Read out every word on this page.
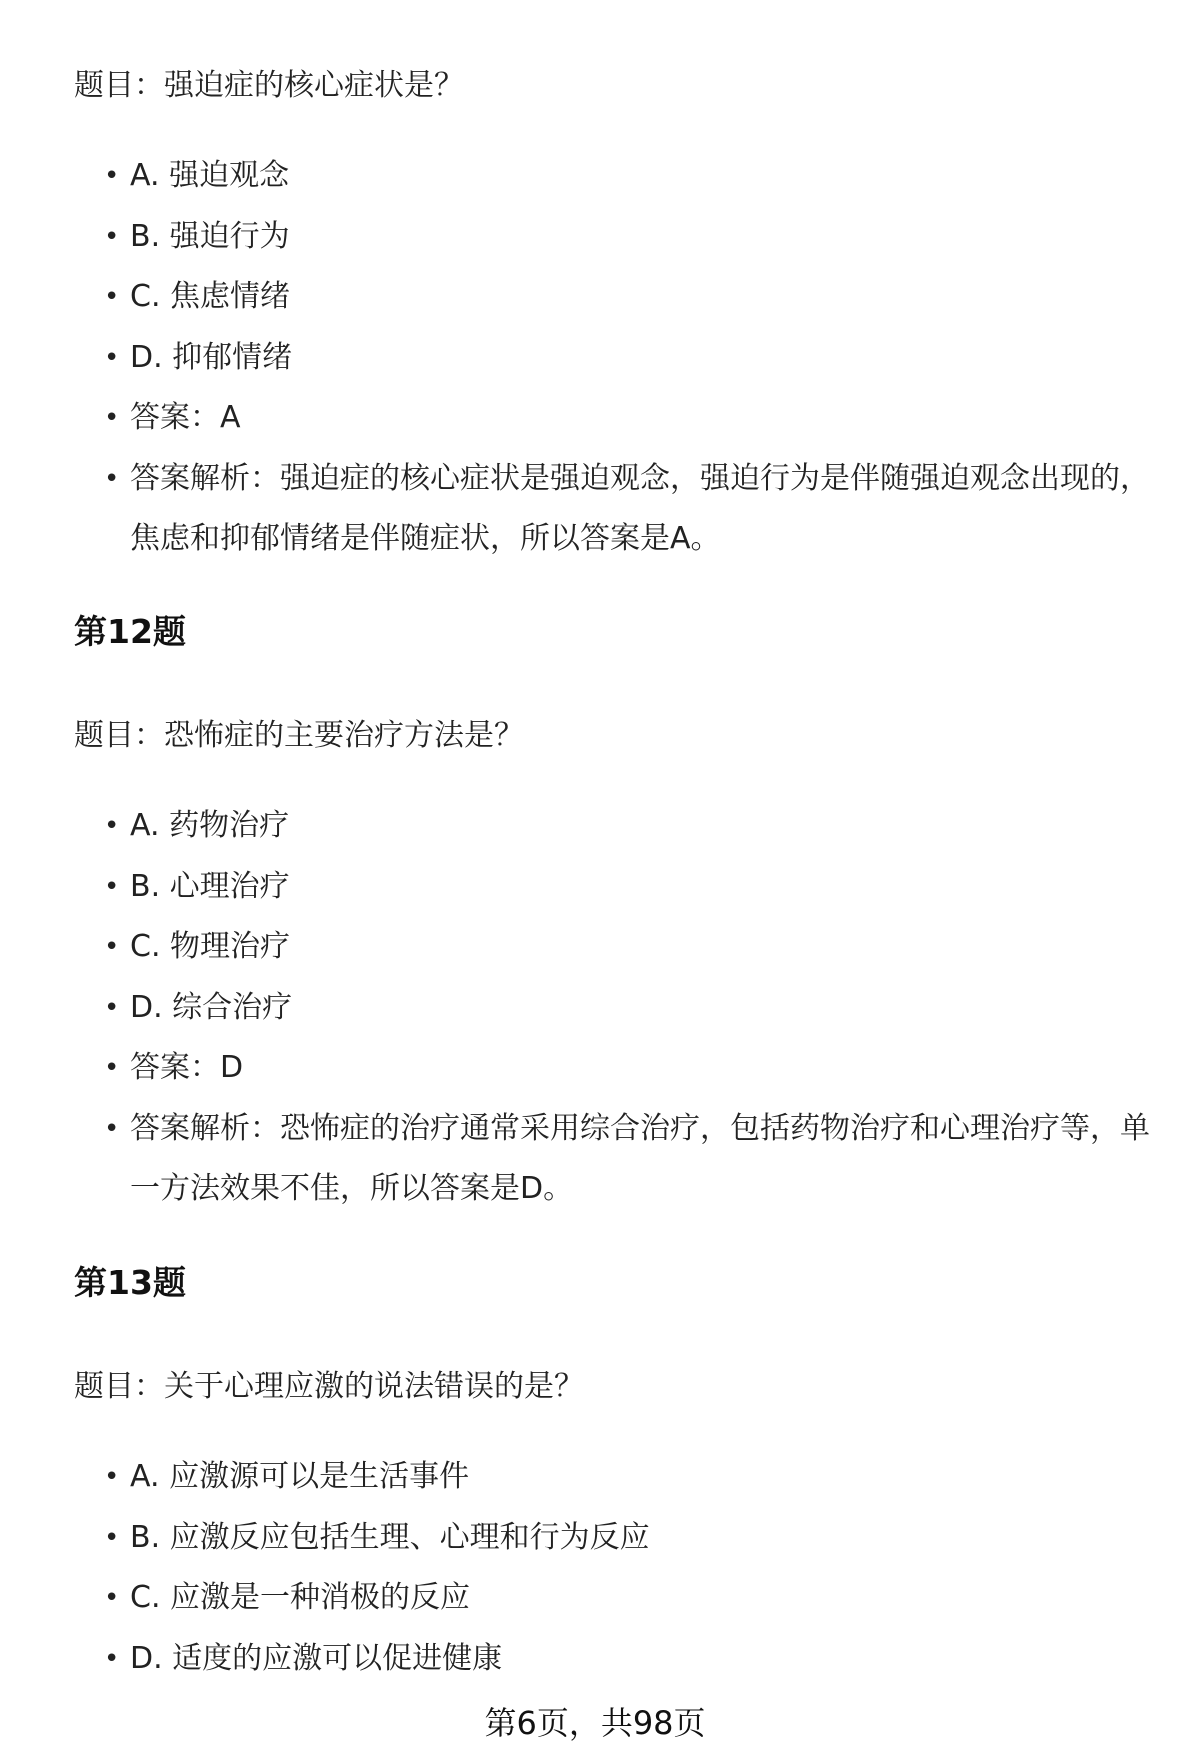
题目：强迫症的核心症状是？

• A. 强迫观念
• B. 强迫行为
• C. 焦虑情绪
• D. 抑郁情绪
• 答案：A
• 答案解析：强迫症的核心症状是强迫观念，强迫行为是伴随强迫观念出现的，
焦虑和抑郁情绪是伴随症状，所以答案是A。
第12题

题目：恐怖症的主要治疗方法是？

• A. 药物治疗
• B. 心理治疗
• C. 物理治疗
• D. 综合治疗
• 答案：D
• 答案解析：恐怖症的治疗通常采用综合治疗，包括药物治疗和心理治疗等，单
一方法效果不佳，所以答案是D。
第13题

题目：关于心理应激的说法错误的是？

• A. 应激源可以是生活事件
• B. 应激反应包括生理、心理和行为反应
• C. 应激是一种消极的反应
• D. 适度的应激可以促进健康
第6页，共98页
